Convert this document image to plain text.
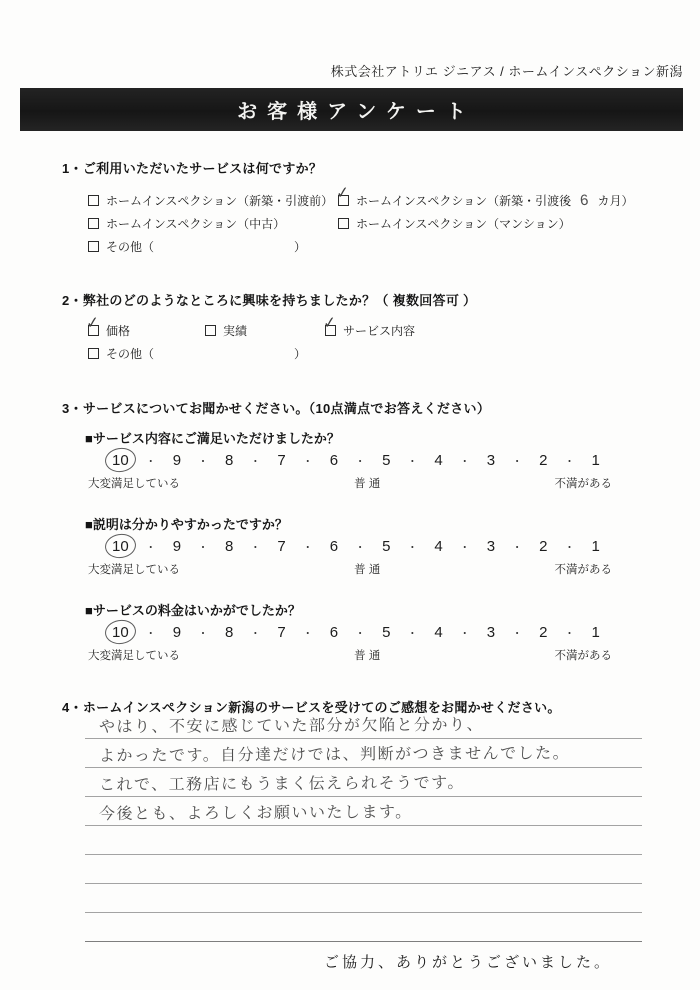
株式会社アトリエ ジニアス / ホームインスペクション新潟
お客様アンケート
1・ご利用いただいたサービスは何ですか？
ホームインスペクション（新築・引渡前） ✓ ホームインスペクション（新築・引渡後 6 カ月）
ホームインスペクション（中古）	ホームインスペクション（マンション）
その他（	）
2・弊社のどのようなところに興味を持ちましたか？（ 複数回答可 ）
✓ 価格	実績	✓ サービス内容
その他（	）
3・サービスについてお聞かせください。（10点満点でお答えください）
■サービス内容にご満足いただけましたか？
10 ・ 9 ・ 8 ・ 7 ・ 6 ・ 5 ・ 4 ・ 3 ・ 2 ・ 1
大変満足している	普 通	不満がある
■説明は分かりやすかったですか？
10 ・ 9 ・ 8 ・ 7 ・ 6 ・ 5 ・ 4 ・ 3 ・ 2 ・ 1
大変満足している	普 通	不満がある
■サービスの料金はいかがでしたか？
10 ・ 9 ・ 8 ・ 7 ・ 6 ・ 5 ・ 4 ・ 3 ・ 2 ・ 1
大変満足している	普 通	不満がある
4・ホームインスペクション新潟のサービスを受けてのご感想をお聞かせください。
やはり、不安に感じていた部分が欠陥と分かり、
よかったです。自分達だけでは、判断がつきませんでした。
これで、工務店にもうまく伝えられそうです。
今後とも、よろしくお願いいたします。
ご協力、ありがとうございました。
